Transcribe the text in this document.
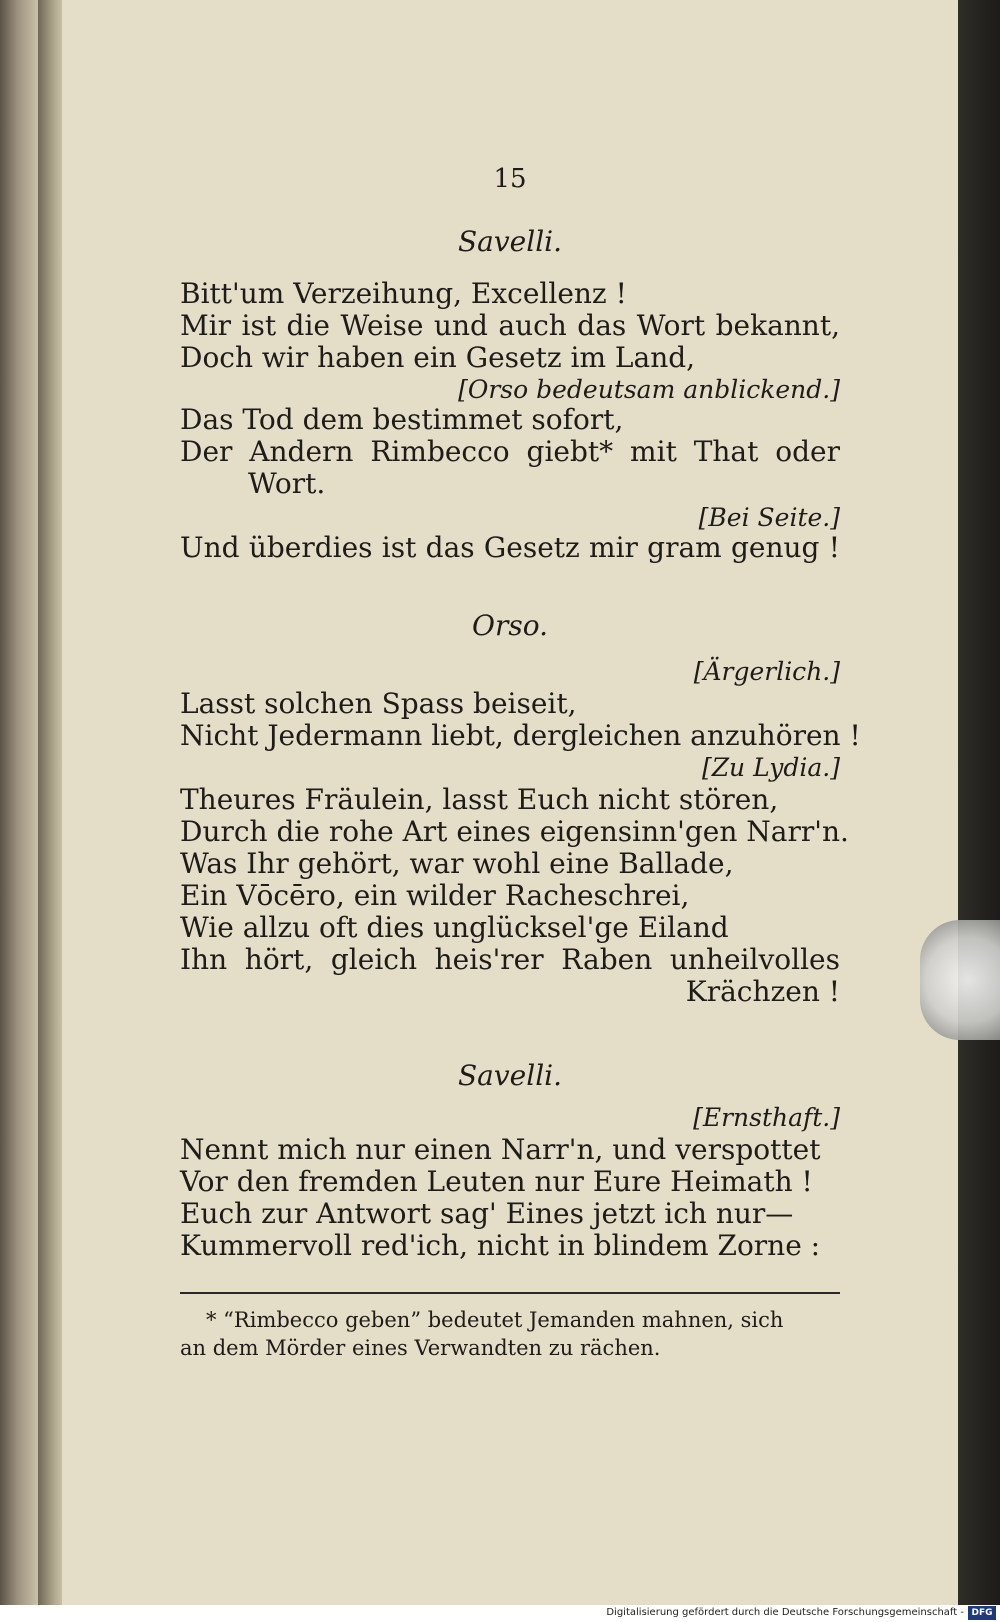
15
Savelli.
Bitt'um Verzeihung, Excellenz !
Mir ist die Weise und auch das Wort bekannt,
Doch wir haben ein Gesetz im Land,
[Orso bedeutsam anblickend.]
Das Tod dem bestimmet sofort,
Der Andern Rimbecco giebt* mit That oder
Wort.
[Bei Seite.]
Und überdies ist das Gesetz mir gram genug !
Orso.
[Ärgerlich.]
Lasst solchen Spass beiseit,
Nicht Jedermann liebt, dergleichen anzuhören !
[Zu Lydia.]
Theures Fräulein, lasst Euch nicht stören,
Durch die rohe Art eines eigensinn'gen Narr'n.
Was Ihr gehört, war wohl eine Ballade,
Ein Vōcēro, ein wilder Racheschrei,
Wie allzu oft dies unglücksel'ge Eiland
Ihn hört, gleich heis'rer Raben unheilvolles
Krächzen !
Savelli.
[Ernsthaft.]
Nennt mich nur einen Narr'n, und verspottet
Vor den fremden Leuten nur Eure Heimath !
Euch zur Antwort sag' Eines jetzt ich nur—
Kummervoll red'ich, nicht in blindem Zorne :
* “Rimbecco geben” bedeutet Jemanden mahnen, sich
an dem Mörder eines Verwandten zu rächen.
Digitalisierung gefördert durch die Deutsche Forschungsgemeinschaft - DFG
